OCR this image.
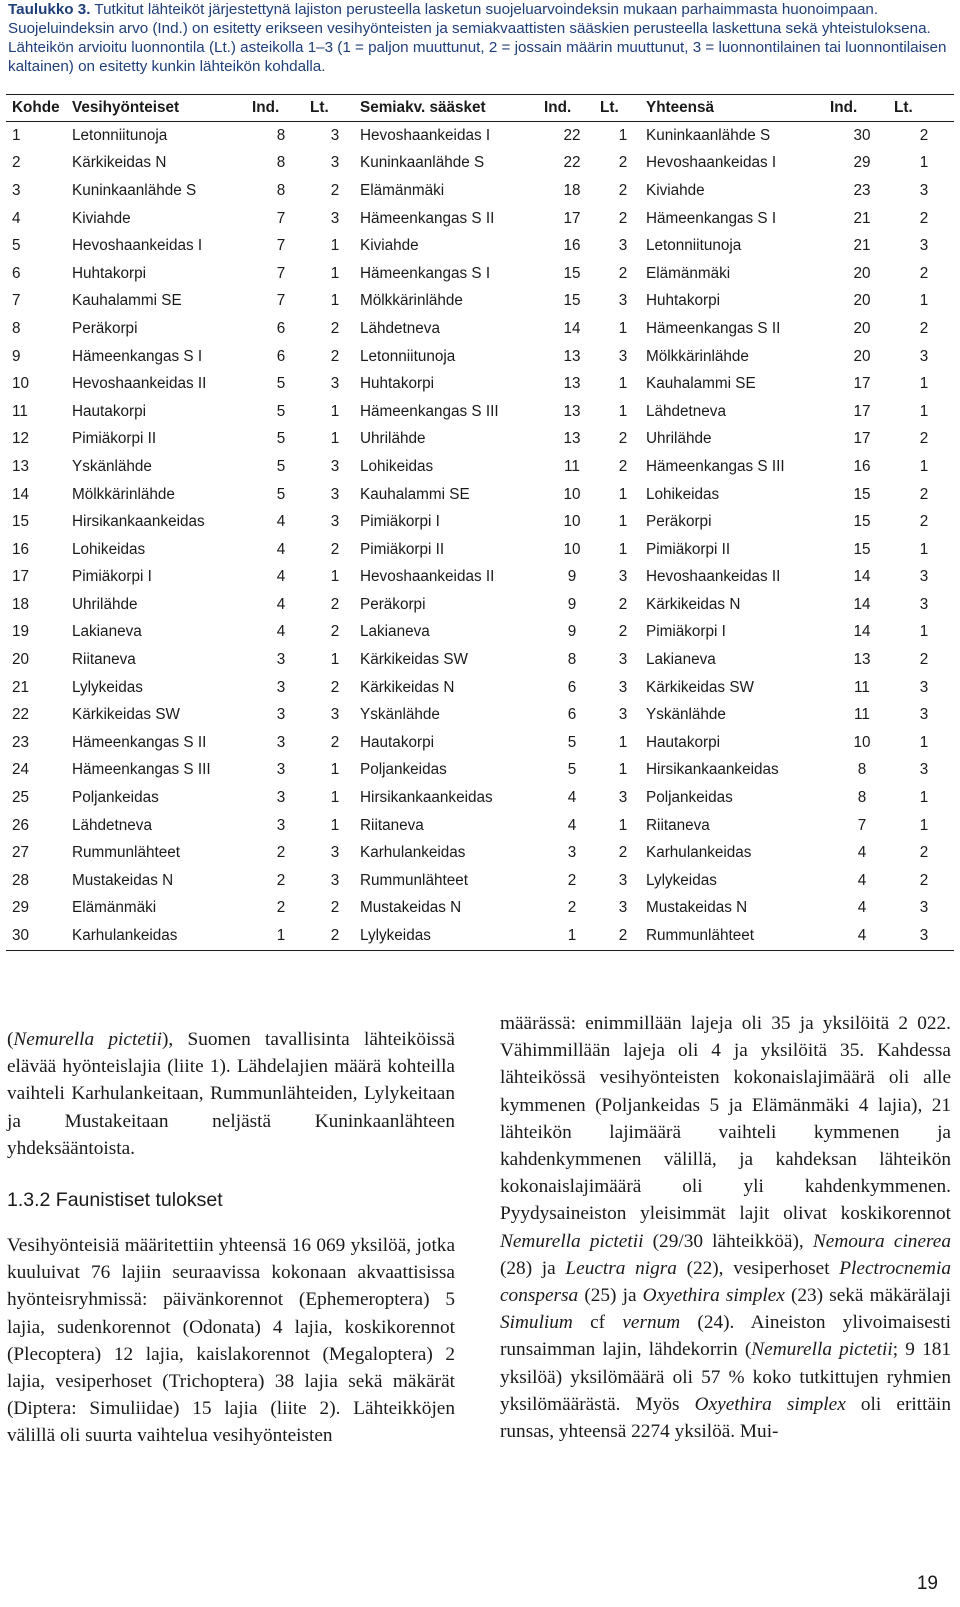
Taulukko 3. Tutkitut lähteiköt järjestettynä lajiston perusteella lasketun suojeluarvoindeksin mukaan parhaimmasta huonoimpaan. Suojeluindeksin arvo (Ind.) on esitetty erikseen vesihyönteisten ja semiakvaattisten sääskien perusteella laskettuna sekä yhteistuloksena. Lähteikön arvioitu luonnontila (Lt.) asteikolla 1–3 (1 = paljon muuttunut, 2 = jossain määrin muuttunut, 3 = luonnontilainen tai luonnontilaisen kaltainen) on esitetty kunkin lähteikön kohdalla.
Kohde	Vesihyönteiset	Ind.	Lt.	Semiakv. sääsket	Ind.	Lt.	Yhteensä	Ind.	Lt.
1	Letonniitunoja	8	3	Hevoshaankeidas I	22	1	Kuninkaanlähde S	30	2
2	Kärkikeidas N	8	3	Kuninkaanlähde S	22	2	Hevoshaankeidas I	29	1
3	Kuninkaanlähde S	8	2	Elämänmäki	18	2	Kiviahde	23	3
4	Kiviahde	7	3	Hämeenkangas S II	17	2	Hämeenkangas S I	21	2
5	Hevoshaankeidas I	7	1	Kiviahde	16	3	Letonniitunoja	21	3
6	Huhtakorpi	7	1	Hämeenkangas S I	15	2	Elämänmäki	20	2
7	Kauhalammi SE	7	1	Mölkkärinlähde	15	3	Huhtakorpi	20	1
8	Peräkorpi	6	2	Lähdetneva	14	1	Hämeenkangas S II	20	2
9	Hämeenkangas S I	6	2	Letonniitunoja	13	3	Mölkkärinlähde	20	3
10	Hevoshaankeidas II	5	3	Huhtakorpi	13	1	Kauhalammi SE	17	1
11	Hautakorpi	5	1	Hämeenkangas S III	13	1	Lähdetneva	17	1
12	Pimiäkorpi II	5	1	Uhrilähde	13	2	Uhrilähde	17	2
13	Yskänlähde	5	3	Lohikeidas	11	2	Hämeenkangas S III	16	1
14	Mölkkärinlähde	5	3	Kauhalammi SE	10	1	Lohikeidas	15	2
15	Hirsikankaankeidas	4	3	Pimiäkorpi I	10	1	Peräkorpi	15	2
16	Lohikeidas	4	2	Pimiäkorpi II	10	1	Pimiäkorpi II	15	1
17	Pimiäkorpi I	4	1	Hevoshaankeidas II	9	3	Hevoshaankeidas II	14	3
18	Uhrilähde	4	2	Peräkorpi	9	2	Kärkikeidas N	14	3
19	Lakianeva	4	2	Lakianeva	9	2	Pimiäkorpi I	14	1
20	Riitaneva	3	1	Kärkikeidas SW	8	3	Lakianeva	13	2
21	Lylykeidas	3	2	Kärkikeidas N	6	3	Kärkikeidas SW	11	3
22	Kärkikeidas SW	3	3	Yskänlähde	6	3	Yskänlähde	11	3
23	Hämeenkangas S II	3	2	Hautakorpi	5	1	Hautakorpi	10	1
24	Hämeenkangas S III	3	1	Poljankeidas	5	1	Hirsikankaankeidas	8	3
25	Poljankeidas	3	1	Hirsikankaankeidas	4	3	Poljankeidas	8	1
26	Lähdetneva	3	1	Riitaneva	4	1	Riitaneva	7	1
27	Rummunlähteet	2	3	Karhulankeidas	3	2	Karhulankeidas	4	2
28	Mustakeidas N	2	3	Rummunlähteet	2	3	Lylykeidas	4	2
29	Elämänmäki	2	2	Mustakeidas N	2	3	Mustakeidas N	4	3
30	Karhulankeidas	1	2	Lylykeidas	1	2	Rummunlähteet	4	3

(Nemurella pictetii), Suomen tavallisinta lähteiköissä elävää hyönteislajia (liite 1). Lähdelajien määrä kohteilla vaihteli Karhulankeitaan, Rummunlähteiden, Lylykeitaan ja Mustakeitaan neljästä Kuninkaanlähteen yhdeksääntoista.

1.3.2 Faunistiset tulokset

Vesihyönteisiä määritettiin yhteensä 16 069 yksilöä, jotka kuuluivat 76 lajiin seuraavissa kokonaan akvaattisissa hyönteisryhmissä: päivänkorennot (Ephemeroptera) 5 lajia, sudenkorennot (Odonata) 4 lajia, koskikorennot (Plecoptera) 12 lajia, kaislakorennot (Megaloptera) 2 lajia, vesiperhoset (Trichoptera) 38 lajia sekä mäkärät (Diptera: Simuliidae) 15 lajia (liite 2). Lähteikköjen välillä oli suurta vaihtelua vesihyönteisten

määrässä: enimmillään lajeja oli 35 ja yksilöitä 2 022. Vähimmillään lajeja oli 4 ja yksilöitä 35. Kahdessa lähteikössä vesihyönteisten kokonaislajimäärä oli alle kymmenen (Poljankeidas 5 ja Elämänmäki 4 lajia), 21 lähteikön lajimäärä vaihteli kymmenen ja kahdenkymmenen välillä, ja kahdeksan lähteikön kokonaislajimäärä oli yli kahdenkymmenen. Pyydysaineiston yleisimmät lajit olivat koskikorennot Nemurella pictetii (29/30 lähteikköä), Nemoura cinerea (28) ja Leuctra nigra (22), vesiperhoset Plectrocnemia conspersa (25) ja Oxyethira simplex (23) sekä mäkärälaji Simulium cf vernum (24). Aineiston ylivoimaisesti runsaimman lajin, lähdekorrin (Nemurella pictetii; 9 181 yksilöä) yksilömäärä oli 57 % koko tutkittujen ryhmien yksilömäärästä. Myös Oxyethira simplex oli erittäin runsas, yhteensä 2274 yksilöä. Mui-

19
